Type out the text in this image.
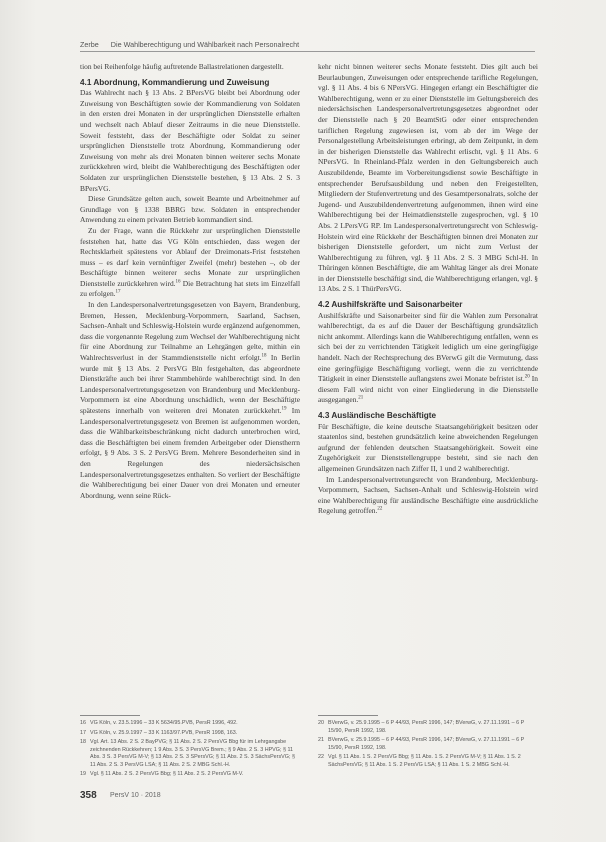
Zerbe Die Wahlberechtigung und Wählbarkeit nach Personalrecht

tion bei Reihenfolge häufig auftretende Ballastrelationen dargestellt.

4.1 Abordnung, Kommandierung und Zuweisung

Das Wahlrecht nach § 13 Abs. 2 BPersVG bleibt bei Abordnung oder Zuweisung von Beschäftigten sowie der Kommandierung von Soldaten in den ersten drei Monaten in der ursprünglichen Dienststelle erhalten und wechselt nach Ablauf dieser Zeitraums in die neue Dienststelle. Soweit feststeht, dass der Beschäftigte oder Soldat zu seiner ursprünglichen Dienststelle trotz Abordnung, Kommandierung oder Zuweisung von mehr als drei Monaten binnen weiterer sechs Monate zurückkehren wird, bleibt die Wahlberechtigung des Beschäftigten oder Soldaten zur ursprünglichen Dienststelle bestehen, § 13 Abs. 2 S. 3 BPersVG.

Diese Grundsätze gelten auch, soweit Beamte und Arbeitnehmer auf Grundlage von § 1338 BBRG bzw. Soldaten in entsprechender Anwendung zu einem privaten Betrieb kommandiert sind.

Zu der Frage, wann die Rückkehr zur ursprünglichen Dienststelle feststehen hat, hatte das VG Köln entschieden, dass wegen der Rechtsklarheit spätestens vor Ablauf der Dreimonats-Frist feststehen muss – es darf kein vernünftiger Zweifel (mehr) bestehen –, ob der Beschäftigte binnen weiterer sechs Monate zur ursprünglichen Dienststelle zurückkehren wird.$^{16}$ Die Betrachtung hat stets im Einzelfall zu erfolgen.$^{17}$

In den Landespersonalvertretungsgesetzen von Bayern, Brandenburg, Bremen, Hessen, Mecklenburg-Vorpommern, Saarland, Sachsen, Sachsen-Anhalt und Schleswig-Holstein wurde ergänzend aufgenommen, dass die vorgenannte Regelung zum Wechsel der Wahlberechtigung nicht für eine Abordnung zur Teilnahme an Lehrgängen gelte, mithin ein Wahlrechtsverlust in der Stammdienststelle nicht erfolgt.$^{18}$ In Berlin wurde mit § 13 Abs. 2 PersVG Bln festgehalten, das abgeordnete Dienstkräfte auch bei ihrer Stammbehörde wahlberechtigt sind. In den Landespersonalvertretungsgesetzen von Brandenburg und Mecklenburg-Vorpommern ist eine Abordnung unschädlich, wenn der Beschäftigte spätestens innerhalb von weiteren drei Monaten zurückkehrt.$^{19}$ Im Landespersonalvertretungsgesetz von Bremen ist aufgenommen worden, dass die Wählbarkeitsbeschränkung nicht dadurch unterbrochen wird, dass die Beschäftigten bei einem fremden Arbeitgeber oder Dienstherrn erfolgt, § 9 Abs. 3 S. 2 PersVG Brem. Mehrere Besonderheiten sind in den Regelungen des niedersächsischen Landespersonalvertretungsgesetzes enthalten. So verliert der Beschäftigte die Wahlberechtigung bei einer Dauer von drei Monaten und erneuter Abordnung, wenn seine Rück-

kehr nicht binnen weiterer sechs Monate feststeht. Dies gilt auch bei Beurlaubungen, Zuweisungen oder entsprechende tarifliche Regelungen, vgl. § 11 Abs. 4 bis 6 NPersVG. Hingegen erlangt ein Beschäftigter die Wahlberechtigung, wenn er zu einer Dienststelle im Geltungsbereich des niedersächsischen Landespersonalvertretungsgesetzes abgeordnet oder der Dienststelle nach § 20 BeamtStG oder einer entsprechenden tariflichen Regelung zugewiesen ist, vom ab der im Wege der Personalgestellung Arbeitsleistungen erbringt, ab dem Zeitpunkt, in dem in der bisherigen Dienststelle das Wahlrecht erlischt, vgl. § 11 Abs. 6 NPersVG. In Rheinland-Pfalz werden in den Geltungsbereich auch Auszubildende, Beamte im Vorbereitungsdienst sowie Beschäftigte in entsprechender Berufsausbildung und neben den Freigestellten, Mitgliedern der Stufenvertretung und des Gesamtpersonalrats, solche der Jugend- und Auszubildendenvertretung aufgenommen, ihnen wird eine Wahlberechtigung bei der Heimatdienststelle zugesprochen, vgl. § 10 Abs. 2 LPersVG RP. Im Landespersonalvertretungsrecht von Schleswig-Holstein wird eine Rückkehr der Beschäftigten binnen drei Monaten zur bisherigen Dienststelle gefordert, um nicht zum Verlust der Wahlberechtigung zu führen, vgl. § 11 Abs. 2 S. 3 MBG Schl-H. In Thüringen können Beschäftigte, die am Wahltag länger als drei Monate in der Dienststelle beschäftigt sind, die Wahlberechtigung erlangen, vgl. § 13 Abs. 2 S. 1 ThürPersVG.

4.2 Aushilfskräfte und Saisonarbeiter

Aushilfskräfte und Saisonarbeiter sind für die Wahlen zum Personalrat wahlberechtigt, da es auf die Dauer der Beschäftigung grundsätzlich nicht ankommt. Allerdings kann die Wahlberechtigung entfallen, wenn es sich bei der zu verrichtenden Tätigkeit lediglich um eine geringfügige handelt. Nach der Rechtsprechung des BVerwG gilt die Vermutung, dass eine geringfügige Beschäftigung vorliegt, wenn die zu verrichtende Tätigkeit in einer Dienststelle auflangstens zwei Monate befristet ist.$^{20}$ In diesem Fall wird nicht von einer Eingliederung in die Dienststelle ausgegangen.$^{21}$

4.3 Ausländische Beschäftigte

Für Beschäftigte, die keine deutsche Staatsangehörigkeit besitzen oder staatenlos sind, bestehen grundsätzlich keine abweichenden Regelungen aufgrund der fehlenden deutschen Staatsangehörigkeit. Soweit eine Zugehörigkeit zur Dienststellengruppe besteht, sind sie nach den allgemeinen Grundsätzen nach Ziffer II, 1 und 2 wahlberechtigt.

Im Landespersonalvertretungsrecht von Brandenburg, Mecklenburg-Vorpommern, Sachsen, Sachsen-Anhalt und Schleswig-Holstein wird eine Wahlberechtigung für ausländische Beschäftigte eine ausdrückliche Regelung getroffen.$^{22}$

16 VG Köln, v. 23.5.1996 – 33 K 5634/95.PVB, PersR 1996, 492.
17 VG Köln, v. 25.9.1997 – 33 K 1163/97.PVB, PersR 1998, 163.
18 Vgl. Art. 13 Abs. 2 S. 2 BayPVG; § 11 Abs. 2 S. 2 PersVG Bbg für im Lehrgangsbe zeichnenden Rückkehren; 1 9 Abs. 3 S. 3 PersVG Brem.; § 9 Abs. 2 S. 3 HPVG; § 11 Abs. 3 S. 3 PersVG M-V; § 13 Abs. 2 S. 3 SPersVG; § 11 Abs. 2 S. 3 SächsPersVG; § 11 Abs. 2 S. 3 PersVG LSA; § 11 Abs. 2 S. 2 MBG Schl.-H.
19 Vgl. § 11 Abs. 2 S. 2 PersVG Bbg; § 11 Abs. 2 S. 2 PersVG M-V.
20 BVerwG, v. 25.9.1995 – 6 P 44/93, PersR 1996, 147; BVerwG, v. 27.11.1991 – 6 P 15/90, PersR 1992, 198.
21 BVerwG, v. 25.9.1995 – 6 P 44/93, PersR 1996, 147; BVerwG, v. 27.11.1991 – 6 P 15/90, PersR 1992, 198.
22 Vgl. § 11 Abs. 1 S. 2 PersVG Bbg; § 11 Abs. 1 S. 2 PersVG M-V; § 11 Abs. 1 S. 2 SächsPersVG; § 11 Abs. 1 S. 2 PersVG LSA; § 11 Abs. 1 S. 2 MBG Schl.-H.
358 PersV 10 · 2018
